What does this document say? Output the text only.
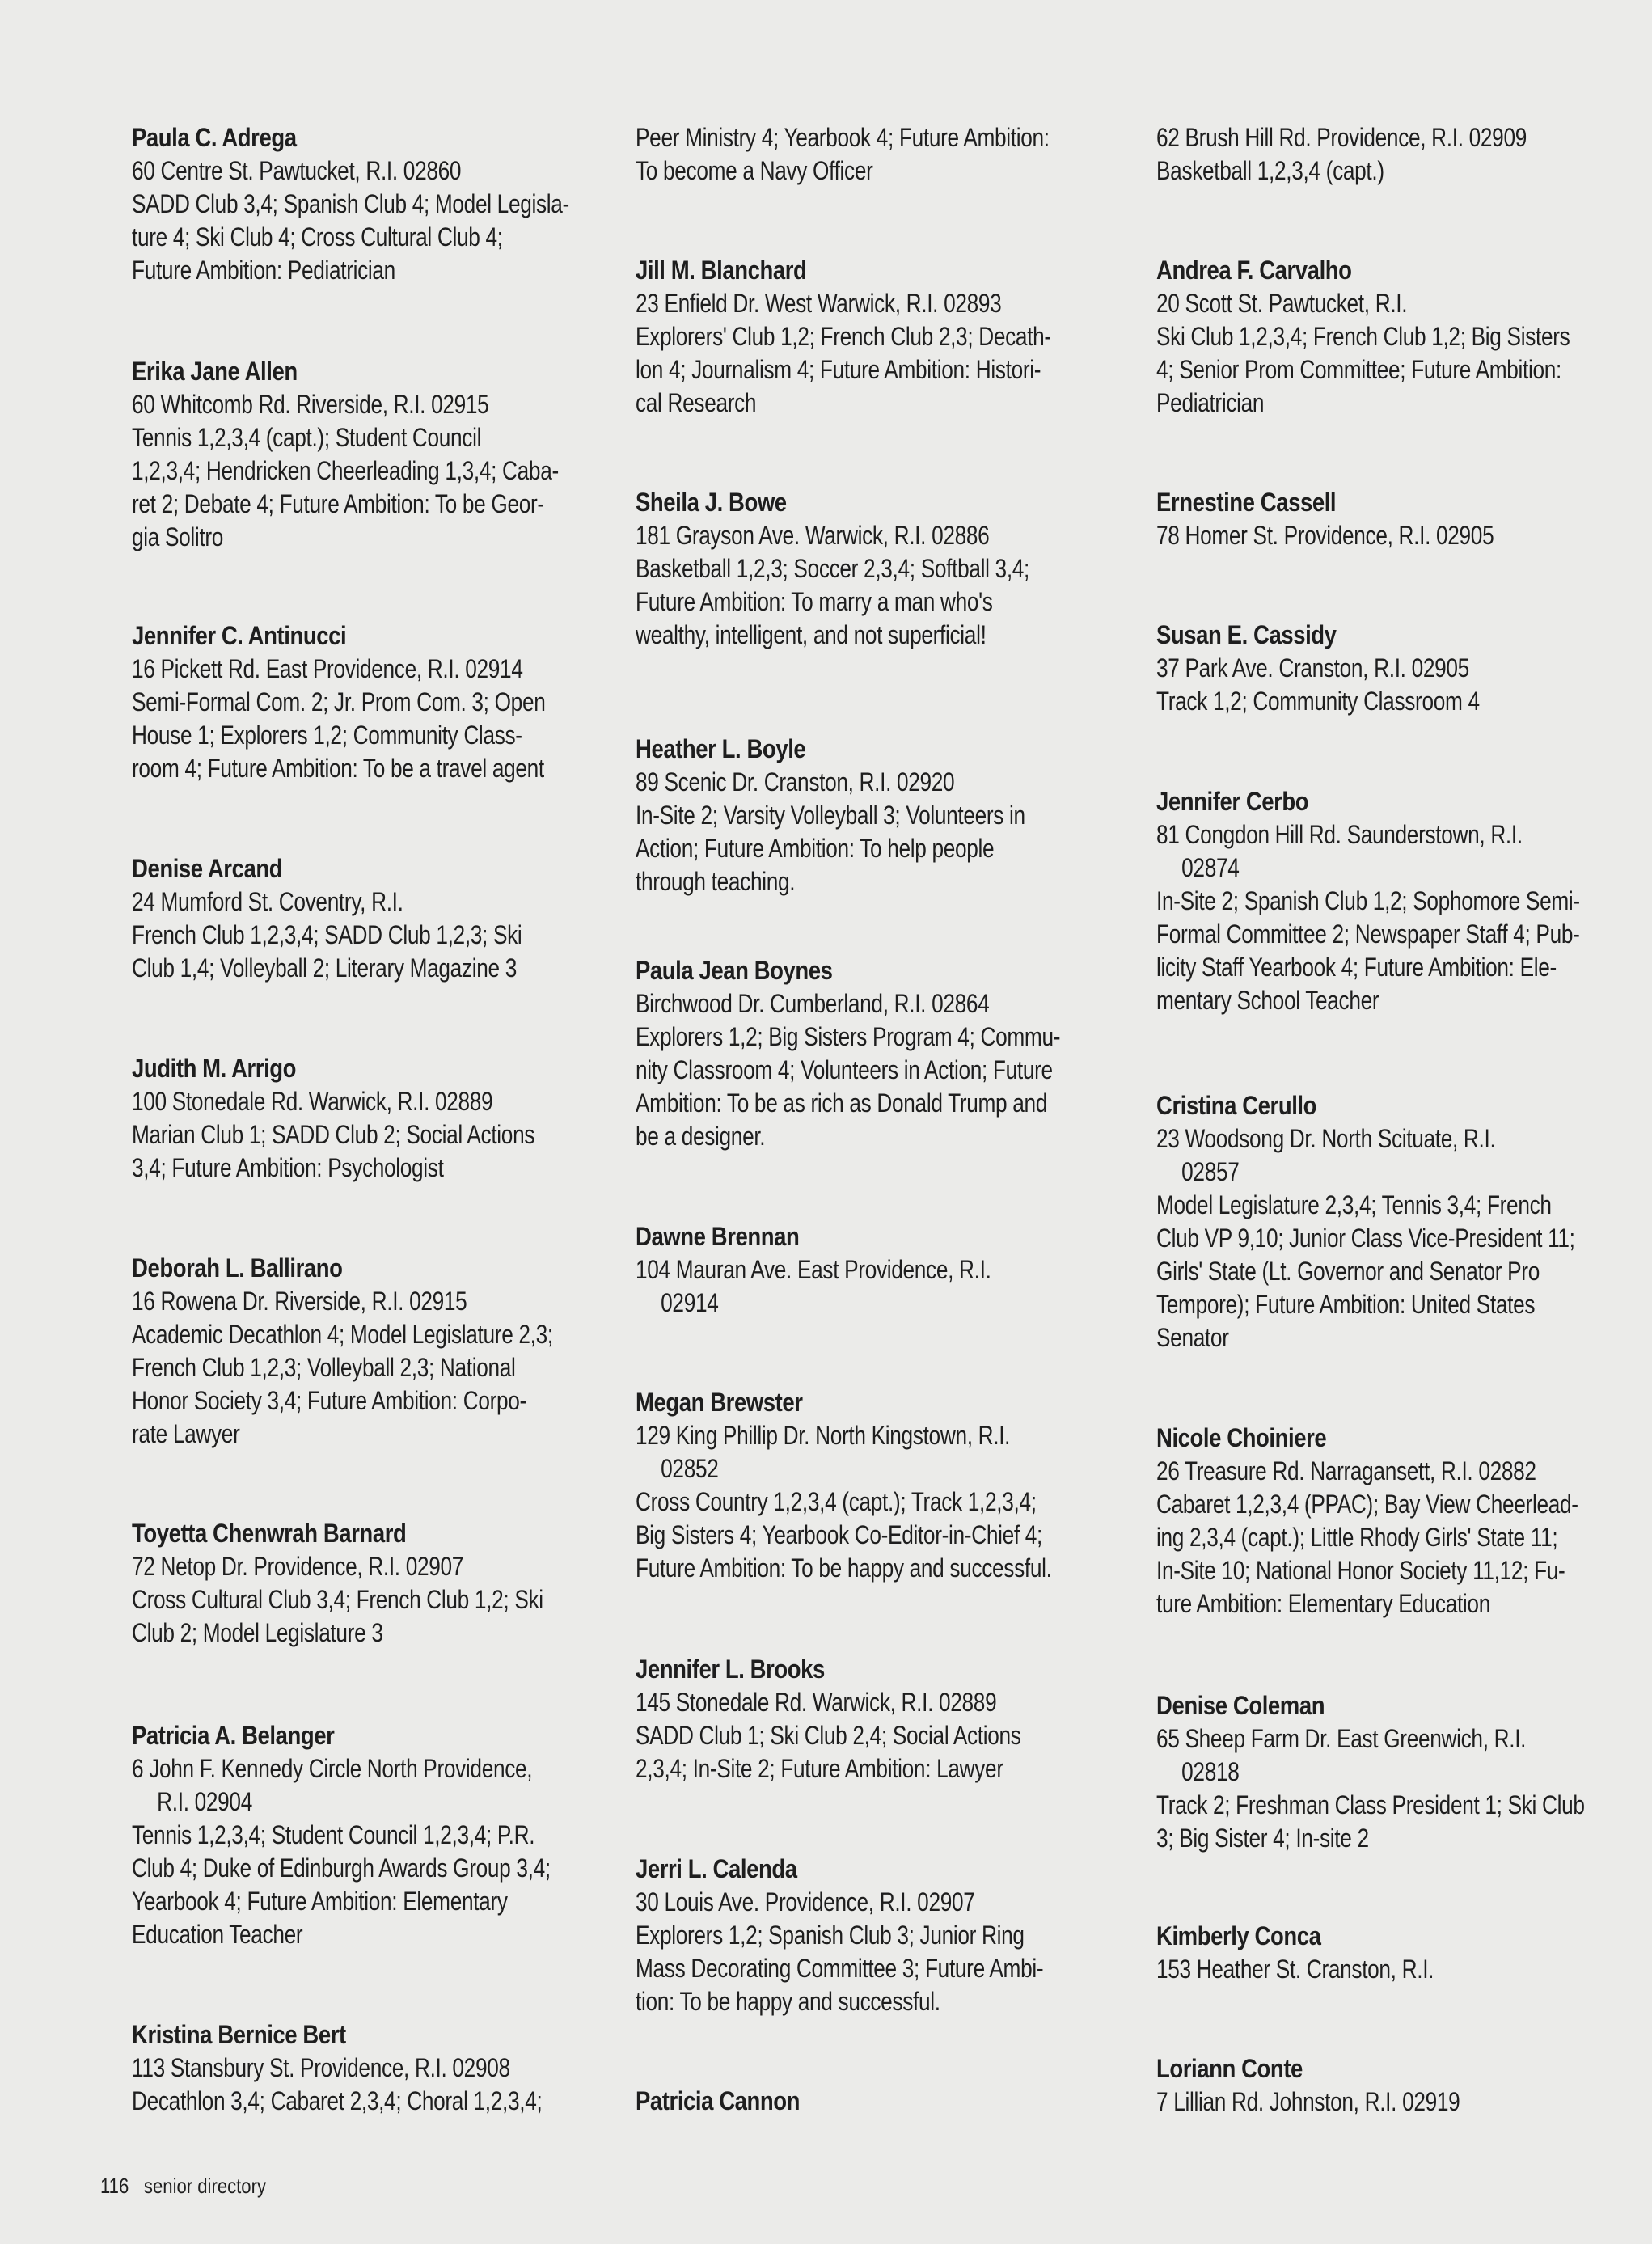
Paula C. Adrega
60 Centre St. Pawtucket, R.I. 02860
SADD Club 3,4; Spanish Club 4; Model Legisla-
ture 4; Ski Club 4; Cross Cultural Club 4;
Future Ambition: Pediatrician
Erika Jane Allen
60 Whitcomb Rd. Riverside, R.I. 02915
Tennis 1,2,3,4 (capt.); Student Council
1,2,3,4; Hendricken Cheerleading 1,3,4; Caba-
ret 2; Debate 4; Future Ambition: To be Geor-
gia Solitro
Jennifer C. Antinucci
16 Pickett Rd. East Providence, R.I. 02914
Semi-Formal Com. 2; Jr. Prom Com. 3; Open
House 1; Explorers 1,2; Community Class-
room 4; Future Ambition: To be a travel agent
Denise Arcand
24 Mumford St. Coventry, R.I.
French Club 1,2,3,4; SADD Club 1,2,3; Ski
Club 1,4; Volleyball 2; Literary Magazine 3
Judith M. Arrigo
100 Stonedale Rd. Warwick, R.I. 02889
Marian Club 1; SADD Club 2; Social Actions
3,4; Future Ambition: Psychologist
Deborah L. Ballirano
16 Rowena Dr. Riverside, R.I. 02915
Academic Decathlon 4; Model Legislature 2,3;
French Club 1,2,3; Volleyball 2,3; National
Honor Society 3,4; Future Ambition: Corpo-
rate Lawyer
Toyetta Chenwrah Barnard
72 Netop Dr. Providence, R.I. 02907
Cross Cultural Club 3,4; French Club 1,2; Ski
Club 2; Model Legislature 3
Patricia A. Belanger
6 John F. Kennedy Circle North Providence,
R.I. 02904
Tennis 1,2,3,4; Student Council 1,2,3,4; P.R.
Club 4; Duke of Edinburgh Awards Group 3,4;
Yearbook 4; Future Ambition: Elementary
Education Teacher
Kristina Bernice Bert
113 Stansbury St. Providence, R.I. 02908
Decathlon 3,4; Cabaret 2,3,4; Choral 1,2,3,4;
Peer Ministry 4; Yearbook 4; Future Ambition:
To become a Navy Officer
Jill M. Blanchard
23 Enfield Dr. West Warwick, R.I. 02893
Explorers' Club 1,2; French Club 2,3; Decath-
lon 4; Journalism 4; Future Ambition: Histori-
cal Research
Sheila J. Bowe
181 Grayson Ave. Warwick, R.I. 02886
Basketball 1,2,3; Soccer 2,3,4; Softball 3,4;
Future Ambition: To marry a man who's
wealthy, intelligent, and not superficial!
Heather L. Boyle
89 Scenic Dr. Cranston, R.I. 02920
In-Site 2; Varsity Volleyball 3; Volunteers in
Action; Future Ambition: To help people
through teaching.
Paula Jean Boynes
Birchwood Dr. Cumberland, R.I. 02864
Explorers 1,2; Big Sisters Program 4; Commu-
nity Classroom 4; Volunteers in Action; Future
Ambition: To be as rich as Donald Trump and
be a designer.
Dawne Brennan
104 Mauran Ave. East Providence, R.I.
02914
Megan Brewster
129 King Phillip Dr. North Kingstown, R.I.
02852
Cross Country 1,2,3,4 (capt.); Track 1,2,3,4;
Big Sisters 4; Yearbook Co-Editor-in-Chief 4;
Future Ambition: To be happy and successful.
Jennifer L. Brooks
145 Stonedale Rd. Warwick, R.I. 02889
SADD Club 1; Ski Club 2,4; Social Actions
2,3,4; In-Site 2; Future Ambition: Lawyer
Jerri L. Calenda
30 Louis Ave. Providence, R.I. 02907
Explorers 1,2; Spanish Club 3; Junior Ring
Mass Decorating Committee 3; Future Ambi-
tion: To be happy and successful.
Patricia Cannon
62 Brush Hill Rd. Providence, R.I. 02909
Basketball 1,2,3,4 (capt.)
Andrea F. Carvalho
20 Scott St. Pawtucket, R.I.
Ski Club 1,2,3,4; French Club 1,2; Big Sisters
4; Senior Prom Committee; Future Ambition:
Pediatrician
Ernestine Cassell
78 Homer St. Providence, R.I. 02905
Susan E. Cassidy
37 Park Ave. Cranston, R.I. 02905
Track 1,2; Community Classroom 4
Jennifer Cerbo
81 Congdon Hill Rd. Saunderstown, R.I.
02874
In-Site 2; Spanish Club 1,2; Sophomore Semi-
Formal Committee 2; Newspaper Staff 4; Pub-
licity Staff Yearbook 4; Future Ambition: Ele-
mentary School Teacher
Cristina Cerullo
23 Woodsong Dr. North Scituate, R.I.
02857
Model Legislature 2,3,4; Tennis 3,4; French
Club VP 9,10; Junior Class Vice-President 11;
Girls' State (Lt. Governor and Senator Pro
Tempore); Future Ambition: United States
Senator
Nicole Choiniere
26 Treasure Rd. Narragansett, R.I. 02882
Cabaret 1,2,3,4 (PPAC); Bay View Cheerlead-
ing 2,3,4 (capt.); Little Rhody Girls' State 11;
In-Site 10; National Honor Society 11,12; Fu-
ture Ambition: Elementary Education
Denise Coleman
65 Sheep Farm Dr. East Greenwich, R.I.
02818
Track 2; Freshman Class President 1; Ski Club
3; Big Sister 4; In-site 2
Kimberly Conca
153 Heather St. Cranston, R.I.
Loriann Conte
7 Lillian Rd. Johnston, R.I. 02919
116 senior directory
